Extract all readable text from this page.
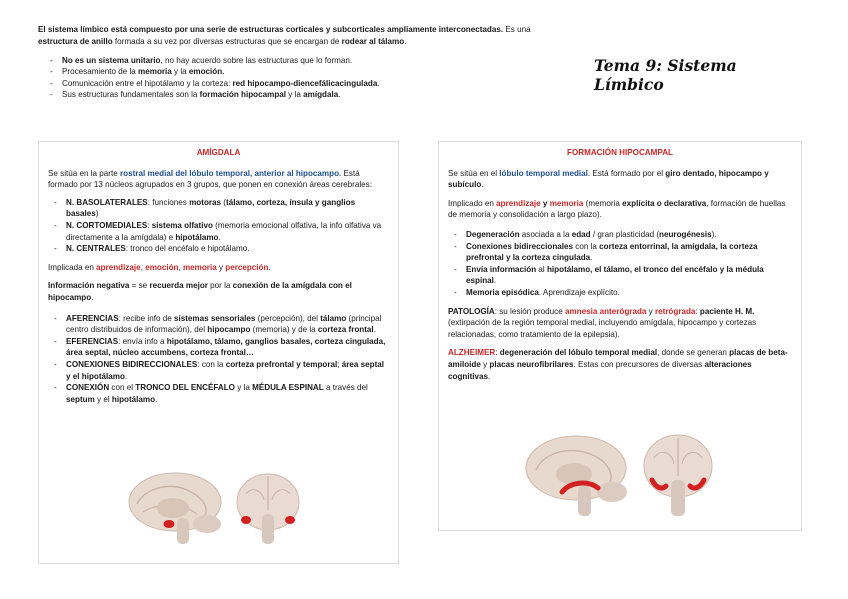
El sistema límbico está compuesto por una serie de estructuras corticales y subcorticales ampliamente interconectadas. Es una estructura de anillo formada a su vez por diversas estructuras que se encargan de rodear al tálamo.

- No es un sistema unitario, no hay acuerdo sobre las estructuras que lo forman.
- Procesamiento de la memoria y la emoción.
- Comunicación entre el hipotálamo y la corteza: red hipocampo-diencefálicacingulada.
- Sus estructuras fundamentales son la formación hipocampal y la amígdala.
Tema 9: Sistema Límbico
AMÍGDALA

Se sitúa en la parte rostral medial del lóbulo temporal, anterior al hipocampo. Está formado por 13 núcleos agrupados en 3 grupos, que ponen en conexión áreas cerebrales:

- N. BASOLATERALES: funciones motoras (tálamo, corteza, ínsula y ganglios basales)
- N. CORTOMEDIALES: sistema olfativo (memoria emocional olfativa, la info olfativa va directamente a la amígdala) e hipotálamo.
- N. CENTRALES: tronco del encéfalo e hipotálamo.

Implicada en aprendizaje, emoción, memoria y percepción.

Información negativa = se recuerda mejor por la conexión de la amígdala con el hipocampo.

- AFERENCIAS: recibe info de sistemas sensoriales (percepción), del tálamo (principal centro distribuidos de información), del hipocampo (memoria) y de la corteza frontal.
- EFERENCIAS: envía info a hipotálamo, tálamo, ganglios basales, corteza cingulada, área septal, núcleo accumbens, corteza frontal…
- CONEXIONES BIDIRECCIONALES: con la corteza prefrontal y temporal; área septal y el hipotálamo.
- CONEXIÓN con el TRONCO DEL ENCÉFALO y la MÉDULA ESPINAL a través del septum y el hipotálamo.
FORMACIÓN HIPOCAMPAL

Se sitúa en el lóbulo temporal medial. Está formado por el giro dentado, hipocampo y subículo.

Implicado en aprendizaje y memoria (memoria explícita o declarativa, formación de huellas de memoria y consolidación a largo plazo).

- Degeneración asociada a la edad / gran plasticidad (neurogénesis).
- Conexiones bidireccionales con la corteza entorrinal, la amígdala, la corteza prefrontal y la corteza cingulada.
- Envía información al hipotálamo, el tálamo, el tronco del encéfalo y la médula espinal.
- Memoria episódica. Aprendizaje explícito.

PATOLOGÍA: su lesión produce amnesia anterógrada y retrógrada: paciente H. M. (extirpación de la región temporal medial, incluyendo amígdala, hipocampo y cortezas relacionadas, como tratamiento de la epilepsia).

ALZHEIMER: degeneración del lóbulo temporal medial, donde se generan placas de beta-amiloide y placas neurofibrilares. Estas con precursores de diversas alteraciones cognitivas.
